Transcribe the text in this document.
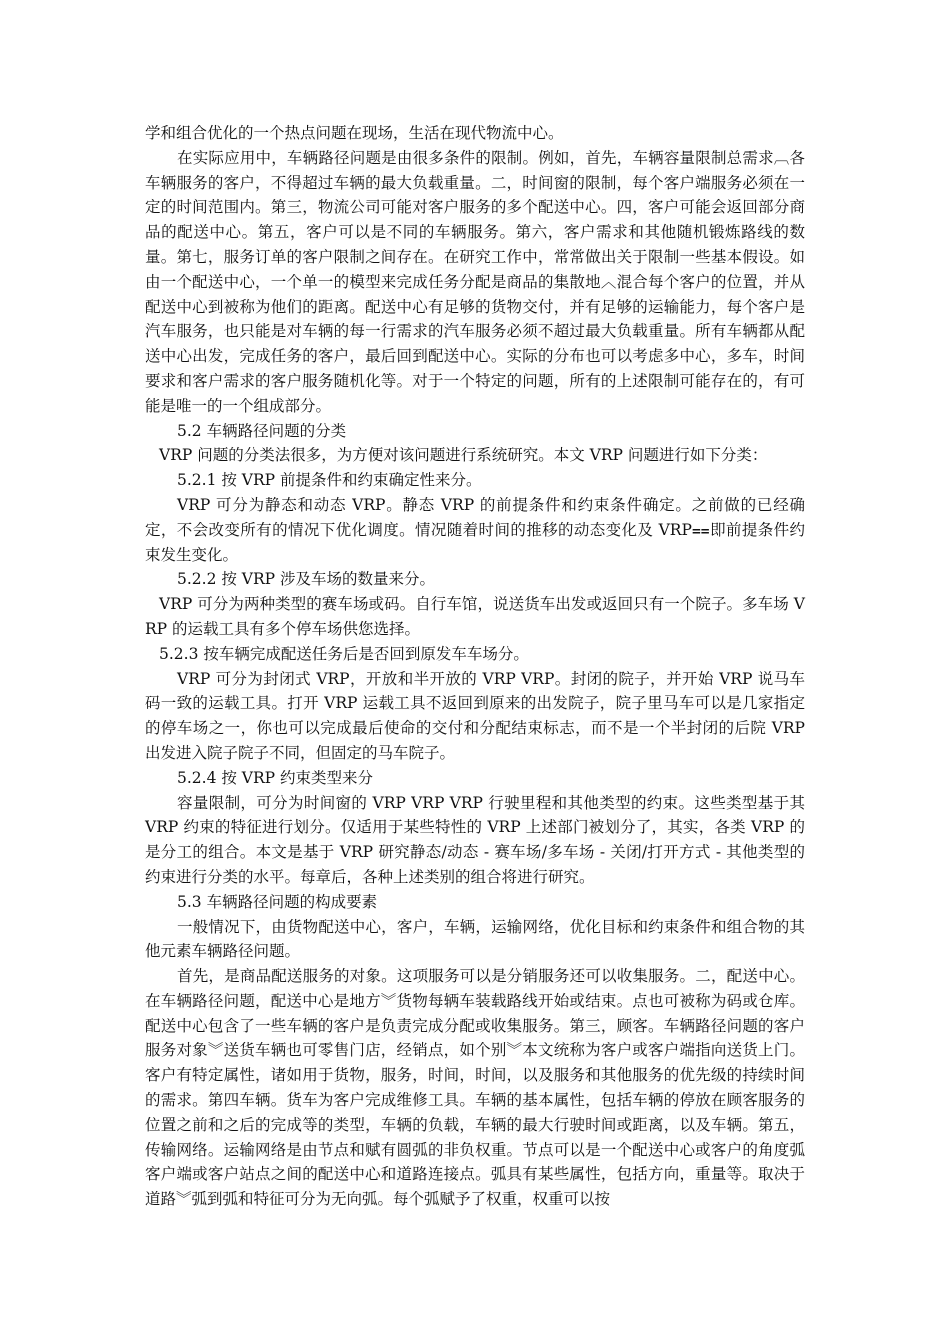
学和组合优化的一个热点问题在现场，生活在现代物流中心。

在实际应用中，车辆路径问题是由很多条件的限制。例如，首先，车辆容量限制总需求︹各车辆服务的客户，不得超过车辆的最大负载重量。二，时间窗的限制，每个客户端服务必须在一定的时间范围内。第三，物流公司可能对客户服务的多个配送中心。四，客户可能会返回部分商品的配送中心。第五，客户可以是不同的车辆服务。第六，客户需求和其他随机锻炼路线的数量。第七，服务订单的客户限制之间存在。在研究工作中，常常做出关于限制一些基本假设。如由一个配送中心，一个单一的模型来完成任务分配是商品的集散地︿混合每个客户的位置，并从配送中心到被称为他们的距离。配送中心有足够的货物交付，并有足够的运输能力，每个客户是汽车服务，也只能是对车辆的每一行需求的汽车服务必须不超过最大负载重量。所有车辆都从配送中心出发，完成任务的客户，最后回到配送中心。实际的分布也可以考虑多中心，多车，时间要求和客户需求的客户服务随机化等。对于一个特定的问题，所有的上述限制可能存在的，有可能是唯一的一个组成部分。

5.2 车辆路径问题的分类

VRP 问题的分类法很多，为方便对该问题进行系统研究。本文 VRP 问题进行如下分类：

5.2.1 按 VRP 前提条件和约束确定性来分。

VRP 可分为静态和动态 VRP。静态 VRP 的前提条件和约束条件确定。之前做的已经确定，不会改变所有的情况下优化调度。情况随着时间的推移的动态变化及 VRP⩵即前提条件约束发生变化。

5.2.2 按 VRP 涉及车场的数量来分。

VRP 可分为两种类型的赛车场或码。自行车馆，说送货车出发或返回只有一个院子。多车场 VRP 的运载工具有多个停车场供您选择。

5.2.3 按车辆完成配送任务后是否回到原发车车场分。

VRP 可分为封闭式 VRP，开放和半开放的 VRP VRP。封闭的院子，并开始 VRP 说马车码一致的运载工具。打开 VRP 运载工具不返回到原来的出发院子，院子里马车可以是几家指定的停车场之一，你也可以完成最后使命的交付和分配结束标志，而不是一个半封闭的后院 VRP 出发进入院子院子不同，但固定的马车院子。

5.2.4 按 VRP 约束类型来分

容量限制，可分为时间窗的 VRP VRP VRP 行驶里程和其他类型的约束。这些类型基于其 VRP 约束的特征进行划分。仅适用于某些特性的 VRP 上述部门被划分了，其实，各类 VRP 的是分工的组合。本文是基于 VRP 研究静态/动态 - 赛车场/多车场 - 关闭/打开方式 - 其他类型的约束进行分类的水平。每章后，各种上述类别的组合将进行研究。

5.3 车辆路径问题的构成要素

一般情况下，由货物配送中心，客户，车辆，运输网络，优化目标和约束条件和组合物的其他元素车辆路径问题。

首先，是商品配送服务的对象。这项服务可以是分销服务还可以收集服务。二，配送中心。在车辆路径问题，配送中心是地方︾货物每辆车装载路线开始或结束。点也可被称为码或仓库。配送中心包含了一些车辆的客户是负责完成分配或收集服务。第三，顾客。车辆路径问题的客户服务对象︾送货车辆也可零售门店，经销点，如个别︾本文统称为客户或客户端指向送货上门。客户有特定属性，诸如用于货物，服务，时间，时间，以及服务和其他服务的优先级的持续时间的需求。第四车辆。货车为客户完成维修工具。车辆的基本属性，包括车辆的停放在顾客服务的位置之前和之后的完成等的类型，车辆的负载，车辆的最大行驶时间或距离，以及车辆。第五，传输网络。运输网络是由节点和赋有圆弧的非负权重。节点可以是一个配送中心或客户的角度弧客户端或客户站点之间的配送中心和道路连接点。弧具有某些属性，包括方向，重量等。取决于道路︾弧到弧和特征可分为无向弧。每个弧赋予了权重，权重可以按
